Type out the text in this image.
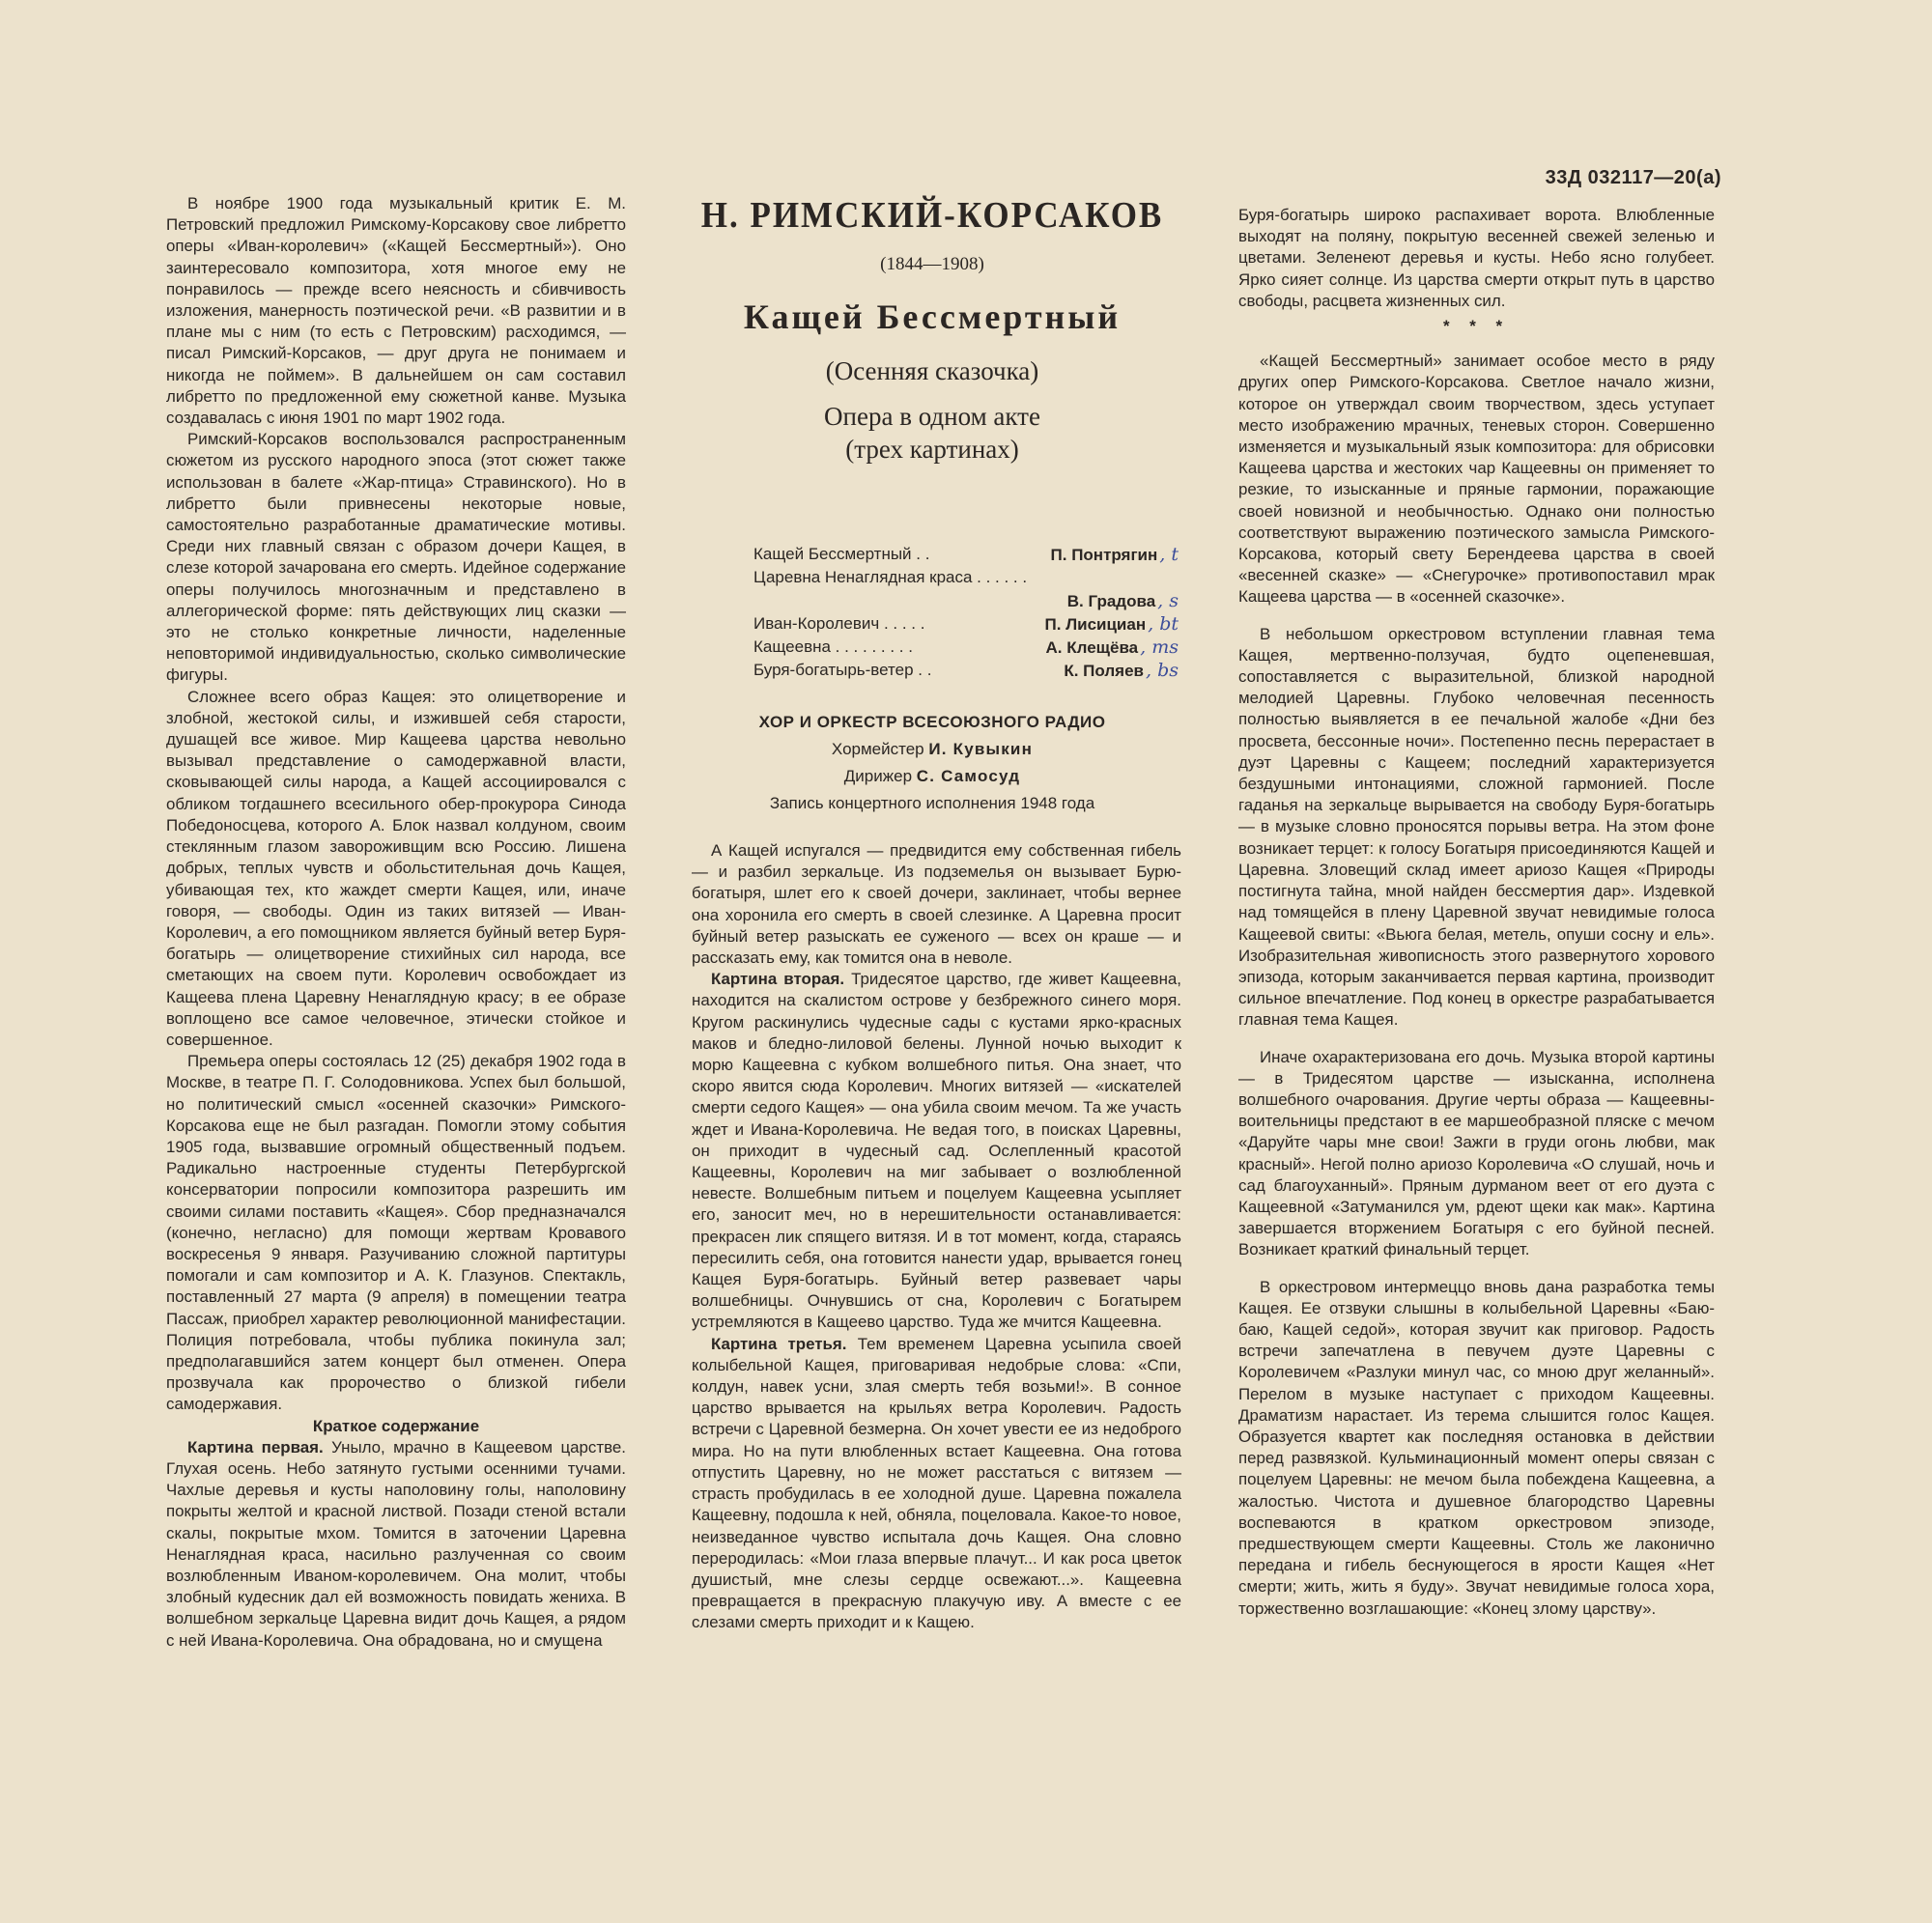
33Д 032117—20(а)

В ноябре 1900 года музыкальный критик Е. М. Петровский предложил Римскому-Корсакову свое либретто оперы «Иван-королевич» («Кащей Бессмертный»). Оно заинтересовало композитора, хотя многое ему не понравилось — прежде всего неясность и сбивчивость изложения, манерность поэтической речи. «В развитии и в плане мы с ним (то есть с Петровским) расходимся, — писал Римский-Корсаков, — друг друга не понимаем и никогда не поймем». В дальнейшем он сам составил либретто по предложенной ему сюжетной канве. Музыка создавалась с июня 1901 по март 1902 года.

Римский-Корсаков воспользовался распространенным сюжетом из русского народного эпоса (этот сюжет также использован в балете «Жар-птица» Стравинского). Но в либретто были привнесены некоторые новые, самостоятельно разработанные драматические мотивы. Среди них главный связан с образом дочери Кащея, в слезе которой зачарована его смерть. Идейное содержание оперы получилось многозначным и представлено в аллегорической форме: пять действующих лиц сказки — это не столько конкретные личности, наделенные неповторимой индивидуальностью, сколько символические фигуры.

Сложнее всего образ Кащея: это олицетворение и злобной, жестокой силы, и изжившей себя старости, душащей все живое. Мир Кащеева царства невольно вызывал представление о самодержавной власти, сковывающей силы народа, а Кащей ассоциировался с обликом тогдашнего всесильного обер-прокурора Синода Победоносцева, которого А. Блок назвал колдуном, своим стеклянным глазом завороживщим всю Россию. Лишена добрых, теплых чувств и обольстительная дочь Кащея, убивающая тех, кто жаждет смерти Кащея, или, иначе говоря, — свободы. Один из таких витязей — Иван-Королевич, а его помощником является буйный ветер Буря-богатырь — олицетворение стихийных сил народа, все сметающих на своем пути. Королевич освобождает из Кащеева плена Царевну Ненаглядную красу; в ее образе воплощено все самое человечное, этически стойкое и совершенное.

Премьера оперы состоялась 12 (25) декабря 1902 года в Москве, в театре П. Г. Солодовникова. Успех был большой, но политический смысл «осенней сказочки» Римского-Корсакова еще не был разгадан. Помогли этому события 1905 года, вызвавшие огромный общественный подъем. Радикально настроенные студенты Петербургской консерватории попросили композитора разрешить им своими силами поставить «Кащея». Сбор предназначался (конечно, негласно) для помощи жертвам Кровавого воскресенья 9 января. Разучиванию сложной партитуры помогали и сам композитор и А. К. Глазунов. Спектакль, поставленный 27 марта (9 апреля) в помещении театра Пассаж, приобрел характер революционной манифестации. Полиция потребовала, чтобы публика покинула зал; предполагавшийся затем концерт был отменен. Опера прозвучала как пророчество о близкой гибели самодержавия.

Краткое содержание

Картина первая. Уныло, мрачно в Кащеевом царстве. Глухая осень. Небо затянуто густыми осенними тучами. Чахлые деревья и кусты наполовину голы, наполовину покрыты желтой и красной листвой. Позади стеной встали скалы, покрытые мхом. Томится в заточении Царевна Ненаглядная краса, насильно разлученная со своим возлюбленным Иваном-королевичем. Она молит, чтобы злобный кудесник дал ей возможность повидать жениха. В волшебном зеркальце Царевна видит дочь Кащея, а рядом с ней Ивана-Королевича. Она обрадована, но и смущена

Н. РИМСКИЙ-КОРСАКОВ
(1844—1908)
Кащей Бессмертный
(Осенняя сказочка)
Опера в одном акте
(трех картинах)
Кащей Бессмертный . .	П. Понтрягин , t
Царевна Ненаглядная краса . . . . . .
В. Градова , s
Иван-Королевич . . . . .	П. Лисициан , bt
Кащеевна . . . . . . . . .	А. Клещёва , ms
Буря-богатырь-ветер . .	К. Поляев , bs
ХОР И ОРКЕСТР ВСЕСОЮЗНОГО РАДИО
Хормейстер И. Кувыкин
Дирижер С. Самосуд
Запись концертного исполнения 1948 года

А Кащей испугался — предвидится ему собственная гибель — и разбил зеркальце. Из подземелья он вызывает Бурю-богатыря, шлет его к своей дочери, заклинает, чтобы вернее она хоронила его смерть в своей слезинке. А Царевна просит буйный ветер разыскать ее суженого — всех он краше — и рассказать ему, как томится она в неволе.

Картина вторая. Тридесятое царство, где живет Кащеевна, находится на скалистом острове у безбрежного синего моря. Кругом раскинулись чудесные сады с кустами ярко-красных маков и бледно-лиловой белены. Лунной ночью выходит к морю Кащеевна с кубком волшебного питья. Она знает, что скоро явится сюда Королевич. Многих витязей — «искателей смерти седого Кащея» — она убила своим мечом. Та же участь ждет и Ивана-Королевича. Не ведая того, в поисках Царевны, он приходит в чудесный сад. Ослепленный красотой Кащеевны, Королевич на миг забывает о возлюбленной невесте. Волшебным питьем и поцелуем Кащеевна усыпляет его, заносит меч, но в нерешительности останавливается: прекрасен лик спящего витязя. И в тот момент, когда, стараясь пересилить себя, она готовится нанести удар, врывается гонец Кащея Буря-богатырь. Буйный ветер развевает чары волшебницы. Очнувшись от сна, Королевич с Богатырем устремляются в Кащеево царство. Туда же мчится Кащеевна.

Картина третья. Тем временем Царевна усыпила своей колыбельной Кащея, приговаривая недобрые слова: «Спи, колдун, навек усни, злая смерть тебя возьми!». В сонное царство врывается на крыльях ветра Королевич. Радость встречи с Царевной безмерна. Он хочет увести ее из недоброго мира. Но на пути влюбленных встает Кащеевна. Она готова отпустить Царевну, но не может расстаться с витязем — страсть пробудилась в ее холодной душе. Царевна пожалела Кащеевну, подошла к ней, обняла, поцеловала. Какое-то новое, неизведанное чувство испытала дочь Кащея. Она словно переродилась: «Мои глаза впервые плачут... И как роса цветок душистый, мне слезы сердце освежают...». Кащеевна превращается в прекрасную плакучую иву. А вместе с ее слезами смерть приходит и к Кащею.

Буря-богатырь широко распахивает ворота. Влюбленные выходят на поляну, покрытую весенней свежей зеленью и цветами. Зеленеют деревья и кусты. Небо ясно голубеет. Ярко сияет солнце. Из царства смерти открыт путь в царство свободы, расцвета жизненных сил.

* * *

«Кащей Бессмертный» занимает особое место в ряду других опер Римского-Корсакова. Светлое начало жизни, которое он утверждал своим творчеством, здесь уступает место изображению мрачных, теневых сторон. Совершенно изменяется и музыкальный язык композитора: для обрисовки Кащеева царства и жестоких чар Кащеевны он применяет то резкие, то изысканные и пряные гармонии, поражающие своей новизной и необычностью. Однако они полностью соответствуют выражению поэтического замысла Римского-Корсакова, который свету Берендеева царства в своей «весенней сказке» — «Снегурочке» противопоставил мрак Кащеева царства — в «осенней сказочке».

В небольшом оркестровом вступлении главная тема Кащея, мертвенно-ползучая, будто оцепеневшая, сопоставляется с выразительной, близкой народной мелодией Царевны. Глубоко человечная песенность полностью выявляется в ее печальной жалобе «Дни без просвета, бессонные ночи». Постепенно песнь перерастает в дуэт Царевны с Кащеем; последний характеризуется бездушными интонациями, сложной гармонией. После гаданья на зеркальце вырывается на свободу Буря-богатырь — в музыке словно проносятся порывы ветра. На этом фоне возникает терцет: к голосу Богатыря присоединяются Кащей и Царевна. Зловещий склад имеет ариозо Кащея «Природы постигнута тайна, мной найден бессмертия дар». Издевкой над томящейся в плену Царевной звучат невидимые голоса Кащеевой свиты: «Вьюга белая, метель, опуши сосну и ель». Изобразительная живописность этого развернутого хорового эпизода, которым заканчивается первая картина, производит сильное впечатление. Под конец в оркестре разрабатывается главная тема Кащея.

Иначе охарактеризована его дочь. Музыка второй картины — в Тридесятом царстве — изысканна, исполнена волшебного очарования. Другие черты образа — Кащеевны-воительницы предстают в ее маршеобразной пляске с мечом «Даруйте чары мне свои! Зажги в груди огонь любви, мак красный». Негой полно ариозо Королевича «О слушай, ночь и сад благоуханный». Пряным дурманом веет от его дуэта с Кащеевной «Затуманился ум, рдеют щеки как мак». Картина завершается вторжением Богатыря с его буйной песней. Возникает краткий финальный терцет.

В оркестровом интермеццо вновь дана разработка темы Кащея. Ее отзвуки слышны в колыбельной Царевны «Баю-баю, Кащей седой», которая звучит как приговор. Радость встречи запечатлена в певучем дуэте Царевны с Королевичем «Разлуки минул час, со мною друг желанный». Перелом в музыке наступает с приходом Кащеевны. Драматизм нарастает. Из терема слышится голос Кащея. Образуется квартет как последняя остановка в действии перед развязкой. Кульминационный момент оперы связан с поцелуем Царевны: не мечом была побеждена Кащеевна, а жалостью. Чистота и душевное благородство Царевны воспеваются в кратком оркестровом эпизоде, предшествующем смерти Кащеевны. Столь же лаконично передана и гибель беснующегося в ярости Кащея «Нет смерти; жить, жить я буду». Звучат невидимые голоса хора, торжественно возглашающие: «Конец злому царству».
